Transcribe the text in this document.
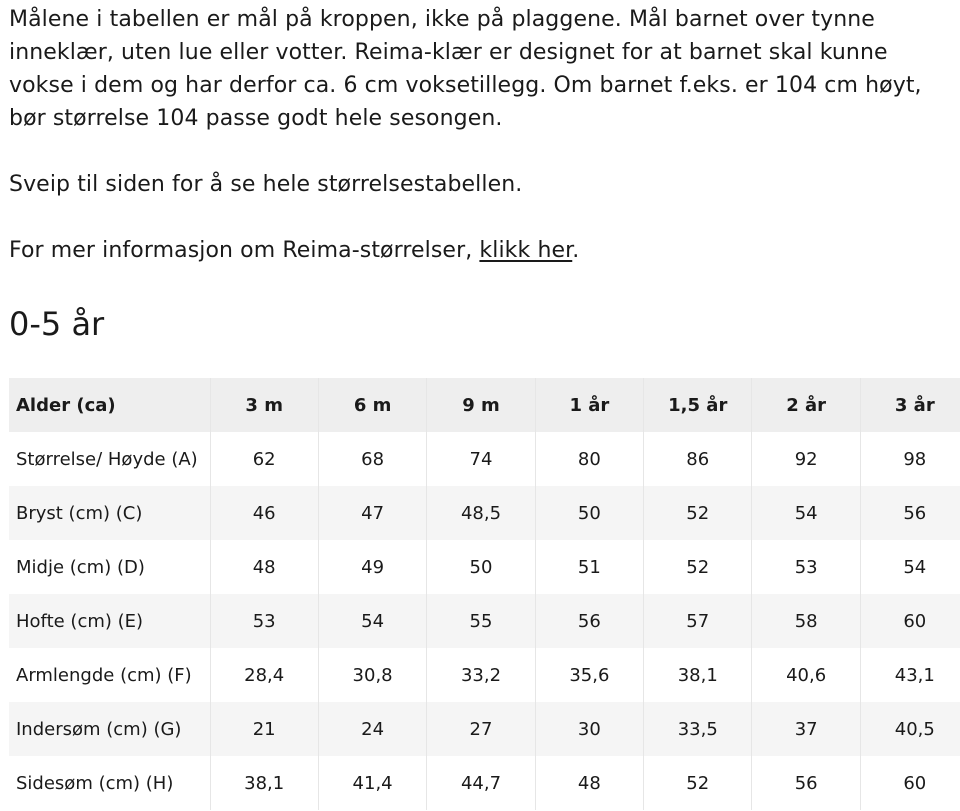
Målene i tabellen er mål på kroppen, ikke på plaggene. Mål barnet over tynne inneklær, uten lue eller votter. Reima-klær er designet for at barnet skal kunne vokse i dem og har derfor ca. 6 cm voksetillegg. Om barnet f.eks. er 104 cm høyt, bør størrelse 104 passe godt hele sesongen.

Sveip til siden for å se hele størrelsestabellen.

For mer informasjon om Reima-størrelser, klikk her.

0-5 år
Alder (ca)	3 m	6 m	9 m	1 år	1,5 år	2 år	3 år
Størrelse/ Høyde (A)	62	68	74	80	86	92	98
Bryst (cm) (C)	46	47	48,5	50	52	54	56
Midje (cm) (D)	48	49	50	51	52	53	54
Hofte (cm) (E)	53	54	55	56	57	58	60
Armlengde (cm) (F)	28,4	30,8	33,2	35,6	38,1	40,6	43,1
Indersøm (cm) (G)	21	24	27	30	33,5	37	40,5
Sidesøm (cm) (H)	38,1	41,4	44,7	48	52	56	60
